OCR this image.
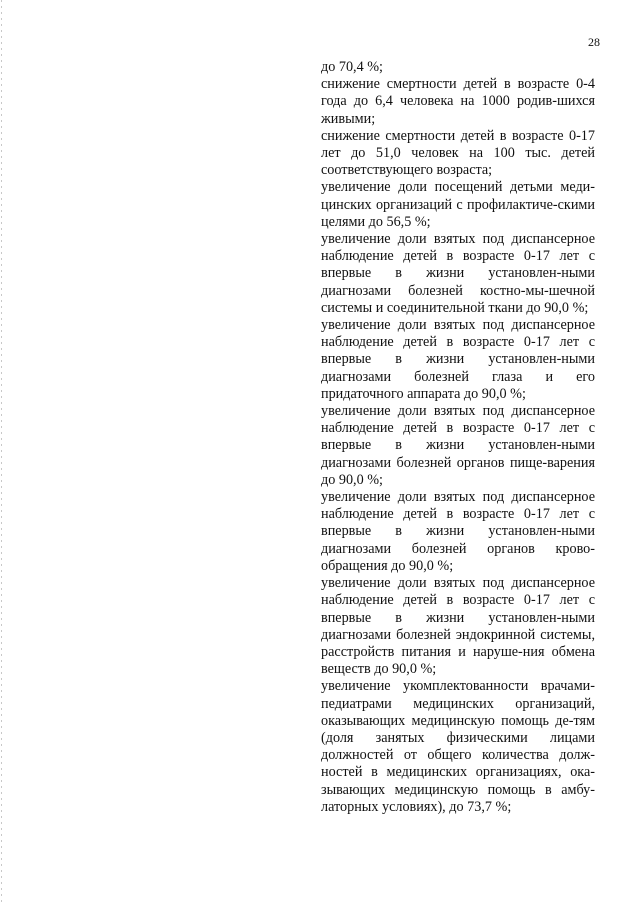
28

до 70,4 %;

снижение смертности детей в возрасте 0-4 года до 6,4 человека на 1000 родив-шихся живыми;

снижение смертности детей в возрасте 0-17 лет до 51,0 человек на 100 тыс. детей соответствующего возраста;

увеличение доли посещений детьми меди-цинских организаций с профилактиче-скими целями до 56,5 %;

увеличение доли взятых под диспансерное наблюдение детей в возрасте 0-17 лет с впервые в жизни установлен-ными диагнозами болезней костно-мы-шечной системы и соединительной ткани до 90,0 %;

увеличение доли взятых под диспансерное наблюдение детей в возрасте 0-17 лет с впервые в жизни установлен-ными диагнозами болезней глаза и его придаточного аппарата до 90,0 %;

увеличение доли взятых под диспансерное наблюдение детей в возрасте 0-17 лет с впервые в жизни установлен-ными диагнозами болезней органов пище-варения до 90,0 %;

увеличение доли взятых под диспансерное наблюдение детей в возрасте 0-17 лет с впервые в жизни установлен-ными диагнозами болезней органов крово-обращения до 90,0 %;

увеличение доли взятых под диспансерное наблюдение детей в возрасте 0-17 лет с впервые в жизни установлен-ными диагнозами болезней эндокринной системы, расстройств питания и наруше-ния обмена веществ до 90,0 %;

увеличение укомплектованности врачами-педиатрами медицинских организаций, оказывающих медицинскую помощь де-тям (доля занятых физическими лицами должностей от общего количества долж-ностей в медицинских организациях, ока-зывающих медицинскую помощь в амбу-латорных условиях), до 73,7 %;
